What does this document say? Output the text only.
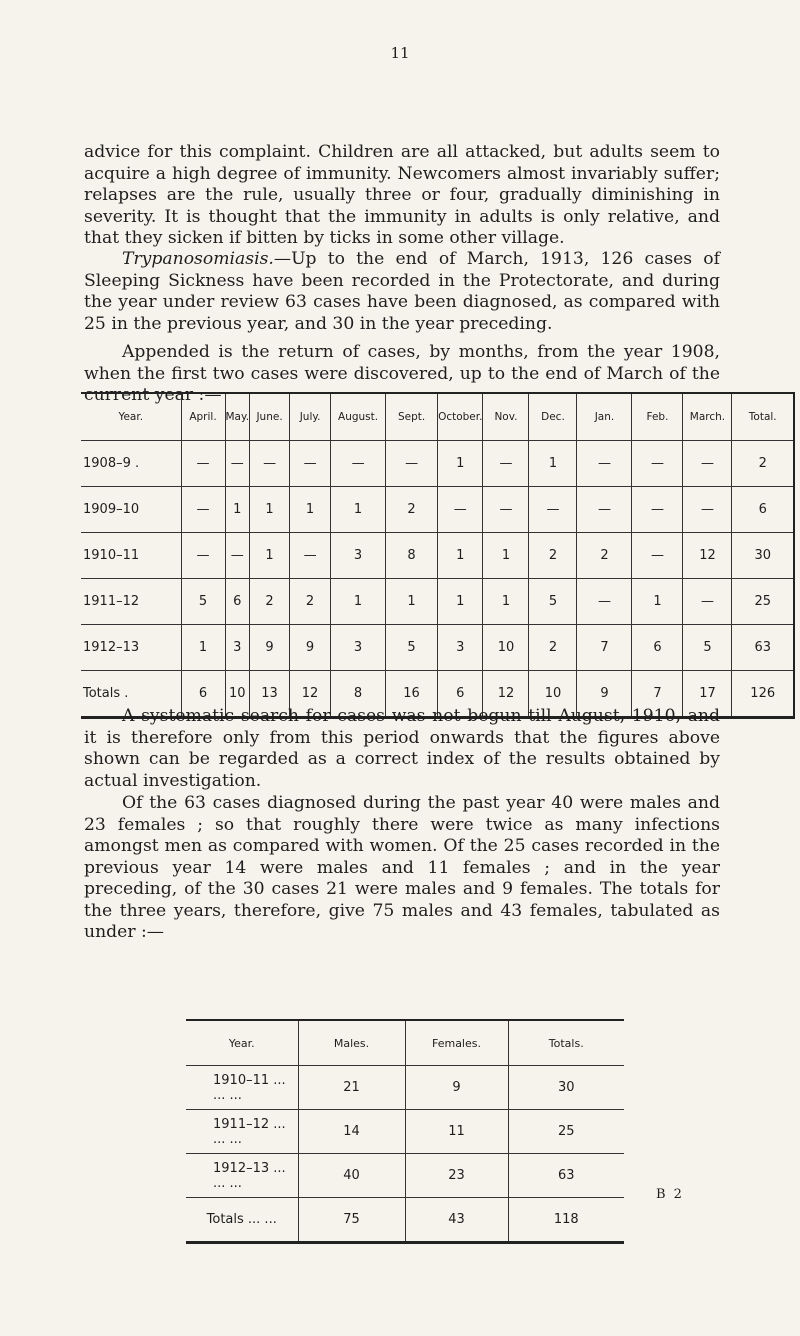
11

advice for this complaint. Children are all attacked, but adults seem to acquire a high degree of immunity. Newcomers almost invariably suffer; relapses are the rule, usually three or four, gradually diminishing in severity. It is thought that the immunity in adults is only relative, and that they sicken if bitten by ticks in some other village.

Trypanosomiasis.—Up to the end of March, 1913, 126 cases of Sleeping Sickness have been recorded in the Protectorate, and during the year under review 63 cases have been diagnosed, as compared with 25 in the previous year, and 30 in the year preceding.

Appended is the return of cases, by months, from the year 1908, when the first two cases were discovered, up to the end of March of the current year :—

Year.	April.	May.	June.	July.	August.	Sept.	October.	Nov.	Dec.	Jan.	Feb.	March.	Total.
1908–9 .	—	—	—	—	—	—	1	—	1	—	—	—	2
1909–10	—	1	1	1	1	2	—	—	—	—	—	—	6
1910–11	—	—	1	—	3	8	1	1	2	2	—	12	30
1911–12	5	6	2	2	1	1	1	1	5	—	1	—	25
1912–13	1	3	9	9	3	5	3	10	2	7	6	5	63
Totals .	6	10	13	12	8	16	6	12	10	9	7	17	126

A systematic search for cases was not begun till August, 1910, and it is therefore only from this period onwards that the figures above shown can be regarded as a correct index of the results obtained by actual investigation.

Of the 63 cases diagnosed during the past year 40 were males and 23 females ; so that roughly there were twice as many infections amongst men as compared with women. Of the 25 cases recorded in the previous year 14 were males and 11 females ; and in the year preceding, of the 30 cases 21 were males and 9 females. The totals for the three years, therefore, give 75 males and 43 females, tabulated as under :—

Year.	Males.	Females.	Totals.
1910–11 ... ... ...	21	9	30
1911–12 ... ... ...	14	11	25
1912–13 ... ... ...	40	23	63
Totals ... ...	75	43	118
B 2
